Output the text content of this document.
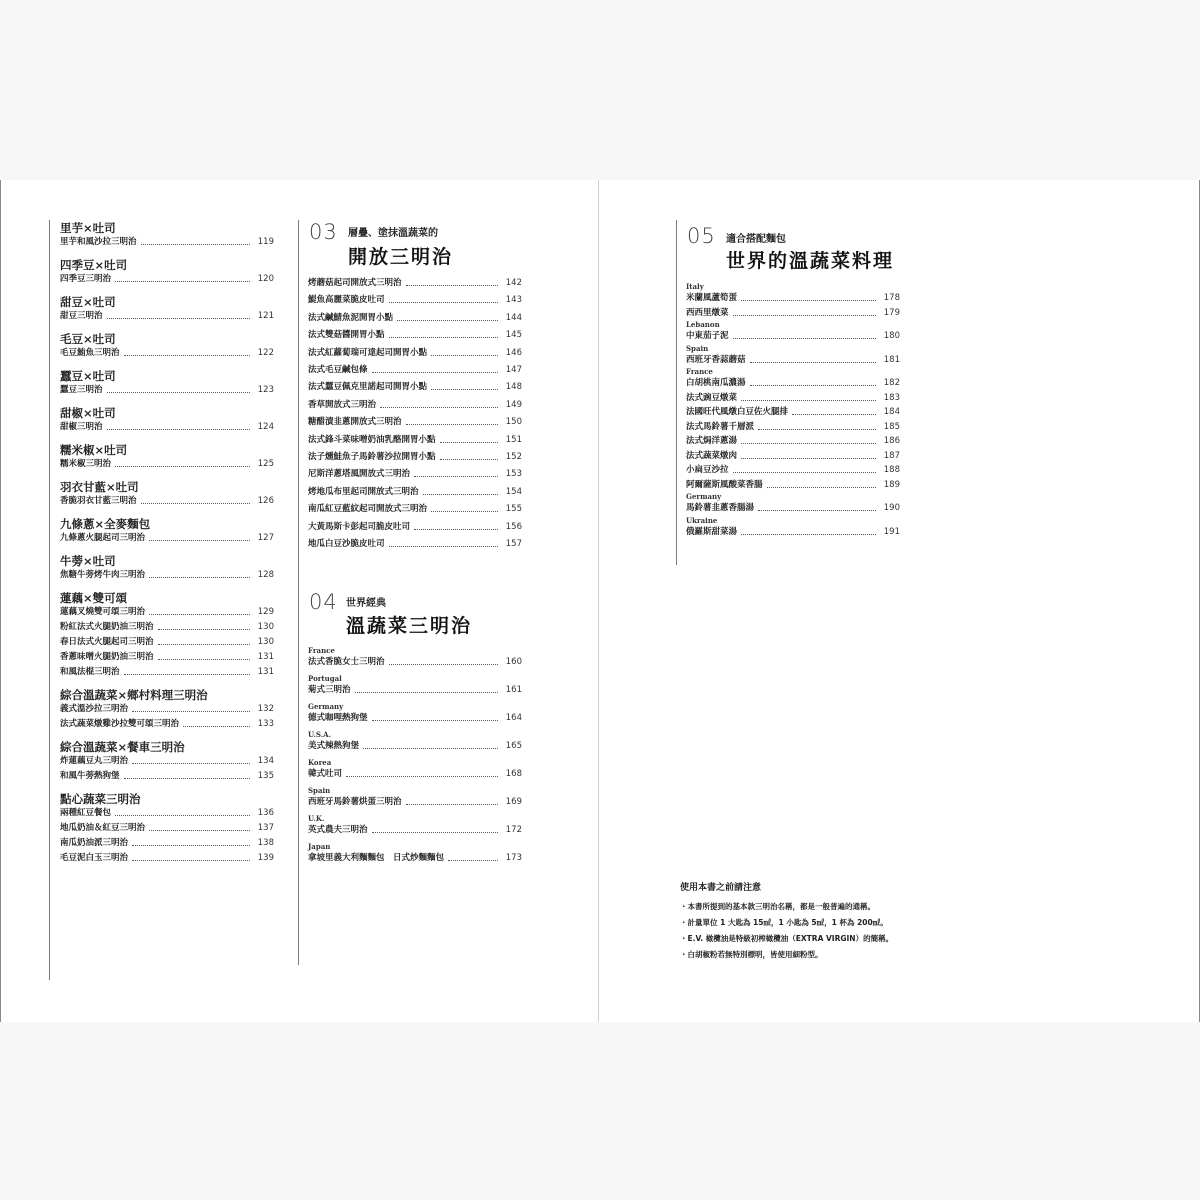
里芋×吐司
里芋和風沙拉三明治	119
四季豆×吐司
四季豆三明治	120
甜豆×吐司
甜豆三明治	121
毛豆×吐司
毛豆鮪魚三明治	122
蠶豆×吐司
蠶豆三明治	123
甜椒×吐司
甜椒三明治	124
糯米椒×吐司
糯米椒三明治	125
羽衣甘藍×吐司
香脆羽衣甘藍三明治	126
九條蔥×全麥麵包
九條蔥火腿起司三明治	127
牛蒡×吐司
焦糖牛蒡烤牛肉三明治	128
蓮藕×雙可頌
蓮藕叉燒雙可頌三明治	129
粉紅法式火腿奶油三明治	130
春日法式火腿起司三明治	130
香蔥味噌火腿奶油三明治	131
和風法棍三明治	131
綜合溫蔬菜×鄉村料理三明治
義式溫沙拉三明治	132
法式蔬菜燉雞沙拉雙可頌三明治	133
綜合溫蔬菜×餐車三明治
炸蓮藕豆丸三明治	134
和風牛蒡熱狗堡	135
點心蔬菜三明治
兩種紅豆餐包	136
地瓜奶油＆紅豆三明治	137
南瓜奶油派三明治	138
毛豆泥白玉三明治	139
03 層疊、塗抹溫蔬菜的
開放三明治
烤蘑菇起司開放式三明治	142
鯷魚高麗菜脆皮吐司	143
法式鹹鯖魚泥開胃小點	144
法式雙菇醬開胃小點	145
法式紅蘿蔔瑞可達起司開胃小點	146
法式毛豆鹹包條	147
法式蠶豆佩克里諾起司開胃小點	148
香草開放式三明治	149
糖醋漬韭蔥開放式三明治	150
法式鋒斗菜味噌奶油乳酪開胃小點	151
法子燻鮭魚子馬鈴薯沙拉開胃小點	152
尼斯洋蔥塔風開放式三明治	153
烤地瓜布里起司開放式三明治	154
南瓜紅豆藍紋起司開放式三明治	155
大黃馬斯卡彭起司脆皮吐司	156
地瓜白豆沙脆皮吐司	157
04 世界經典
溫蔬菜三明治
France
法式香脆女士三明治	160
Portugal
菊式三明治	161
Germany
德式咖哩熱狗堡	164
U.S.A.
美式辣熱狗堡	165
Korea
韓式吐司	168
Spain
西班牙馬鈴薯烘蛋三明治	169
U.K.
英式農夫三明治	172
Japan
拿坡里義大利麵麵包　日式炒麵麵包	173
05 適合搭配麵包
世界的溫蔬菜料理
Italy
米蘭風蘆筍蛋	178
西西里燉菜	179
Lebanon
中東茄子泥	180
Spain
西班牙香蒜蘑菇	181
France
白胡桃南瓜濃湯	182
法式豌豆燉菜	183
法國旺代風燉白豆佐火腿排	184
法式馬鈴薯千層派	185
法式焗洋蔥湯	186
法式蔬菜燉肉	187
小扁豆沙拉	188
阿爾薩斯風酸菜香腸	189
Germany
馬鈴薯韭蔥香腸湯	190
Ukraine
俄羅斯甜菜湯	191
使用本書之前請注意
・本書所提到的基本款三明治名稱，都是一般普遍的通稱。
・計量單位 1 大匙為 15㎖，1 小匙為 5㎖，1 杯為 200㎖。
・E.V. 橄欖油是特級初榨橄欖油（EXTRA VIRGIN）的簡稱。
・白胡椒粉若無特別標明，皆使用細粉型。
